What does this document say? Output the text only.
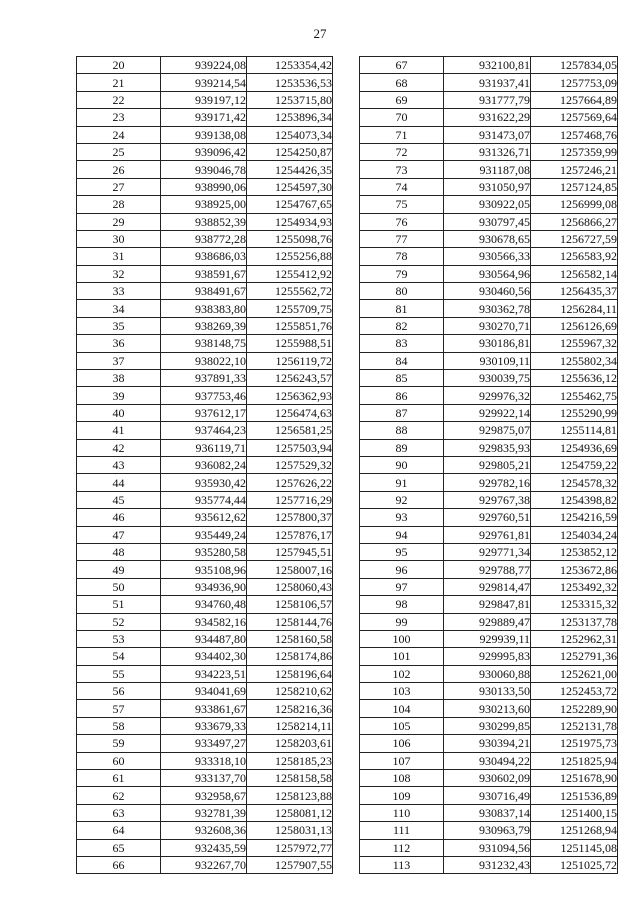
27
20	939224,08	1253354,42
21	939214,54	1253536,53
22	939197,12	1253715,80
23	939171,42	1253896,34
24	939138,08	1254073,34
25	939096,42	1254250,87
26	939046,78	1254426,35
27	938990,06	1254597,30
28	938925,00	1254767,65
29	938852,39	1254934,93
30	938772,28	1255098,76
31	938686,03	1255256,88
32	938591,67	1255412,92
33	938491,67	1255562,72
34	938383,80	1255709,75
35	938269,39	1255851,76
36	938148,75	1255988,51
37	938022,10	1256119,72
38	937891,33	1256243,57
39	937753,46	1256362,93
40	937612,17	1256474,63
41	937464,23	1256581,25
42	936119,71	1257503,94
43	936082,24	1257529,32
44	935930,42	1257626,22
45	935774,44	1257716,29
46	935612,62	1257800,37
47	935449,24	1257876,17
48	935280,58	1257945,51
49	935108,96	1258007,16
50	934936,90	1258060,43
51	934760,48	1258106,57
52	934582,16	1258144,76
53	934487,80	1258160,58
54	934402,30	1258174,86
55	934223,51	1258196,64
56	934041,69	1258210,62
57	933861,67	1258216,36
58	933679,33	1258214,11
59	933497,27	1258203,61
60	933318,10	1258185,23
61	933137,70	1258158,58
62	932958,67	1258123,88
63	932781,39	1258081,12
64	932608,36	1258031,13
65	932435,59	1257972,77
66	932267,70	1257907,55
67	932100,81	1257834,05
68	931937,41	1257753,09
69	931777,79	1257664,89
70	931622,29	1257569,64
71	931473,07	1257468,76
72	931326,71	1257359,99
73	931187,08	1257246,21
74	931050,97	1257124,85
75	930922,05	1256999,08
76	930797,45	1256866,27
77	930678,65	1256727,59
78	930566,33	1256583,92
79	930564,96	1256582,14
80	930460,56	1256435,37
81	930362,78	1256284,11
82	930270,71	1256126,69
83	930186,81	1255967,32
84	930109,11	1255802,34
85	930039,75	1255636,12
86	929976,32	1255462,75
87	929922,14	1255290,99
88	929875,07	1255114,81
89	929835,93	1254936,69
90	929805,21	1254759,22
91	929782,16	1254578,32
92	929767,38	1254398,82
93	929760,51	1254216,59
94	929761,81	1254034,24
95	929771,34	1253852,12
96	929788,77	1253672,86
97	929814,47	1253492,32
98	929847,81	1253315,32
99	929889,47	1253137,78
100	929939,11	1252962,31
101	929995,83	1252791,36
102	930060,88	1252621,00
103	930133,50	1252453,72
104	930213,60	1252289,90
105	930299,85	1252131,78
106	930394,21	1251975,73
107	930494,22	1251825,94
108	930602,09	1251678,90
109	930716,49	1251536,89
110	930837,14	1251400,15
111	930963,79	1251268,94
112	931094,56	1251145,08
113	931232,43	1251025,72
